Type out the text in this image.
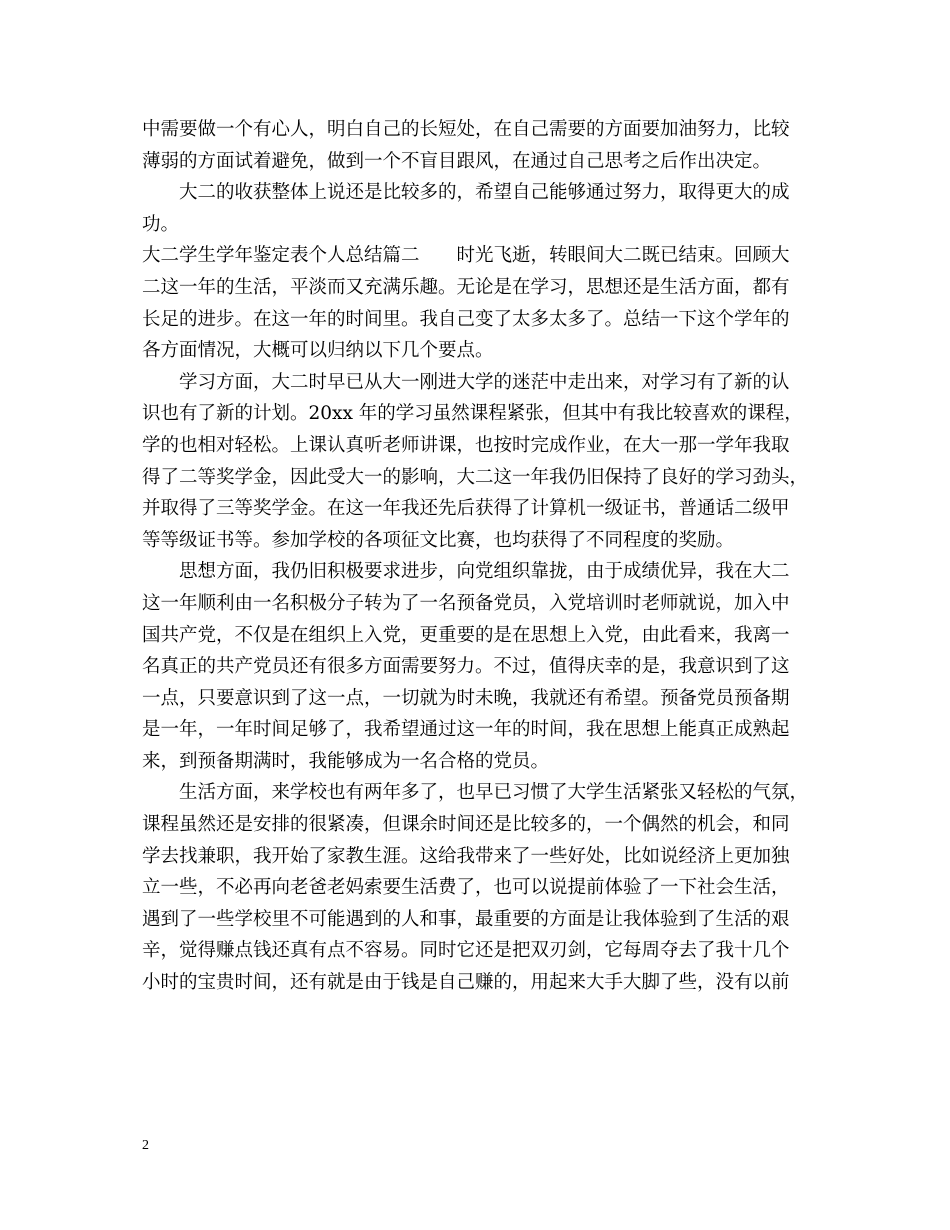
中需要做一个有心人，明白自己的长短处，在自己需要的方面要加油努力，比较
薄弱的方面试着避免，做到一个不盲目跟风，在通过自己思考之后作出决定。
大二的收获整体上说还是比较多的，希望自己能够通过努力，取得更大的成
功。
大二学生学年鉴定表个人总结篇二　　时光飞逝，转眼间大二既已结束。回顾大
二这一年的生活，平淡而又充满乐趣。无论是在学习，思想还是生活方面，都有
长足的进步。在这一年的时间里。我自己变了太多太多了。总结一下这个学年的
各方面情况，大概可以归纳以下几个要点。
学习方面，大二时早已从大一刚进大学的迷茫中走出来，对学习有了新的认
识也有了新的计划。20xx 年的学习虽然课程紧张，但其中有我比较喜欢的课程，
学的也相对轻松。上课认真听老师讲课，也按时完成作业，在大一那一学年我取
得了二等奖学金，因此受大一的影响，大二这一年我仍旧保持了良好的学习劲头，
并取得了三等奖学金。在这一年我还先后获得了计算机一级证书，普通话二级甲
等等级证书等。参加学校的各项征文比赛，也均获得了不同程度的奖励。
思想方面，我仍旧积极要求进步，向党组织靠拢，由于成绩优异，我在大二
这一年顺利由一名积极分子转为了一名预备党员，入党培训时老师就说，加入中
国共产党，不仅是在组织上入党，更重要的是在思想上入党，由此看来，我离一
名真正的共产党员还有很多方面需要努力。不过，值得庆幸的是，我意识到了这
一点，只要意识到了这一点，一切就为时未晚，我就还有希望。预备党员预备期
是一年，一年时间足够了，我希望通过这一年的时间，我在思想上能真正成熟起
来，到预备期满时，我能够成为一名合格的党员。
生活方面，来学校也有两年多了，也早已习惯了大学生活紧张又轻松的气氛，
课程虽然还是安排的很紧凑，但课余时间还是比较多的，一个偶然的机会，和同
学去找兼职，我开始了家教生涯。这给我带来了一些好处，比如说经济上更加独
立一些，不必再向老爸老妈索要生活费了，也可以说提前体验了一下社会生活，
遇到了一些学校里不可能遇到的人和事，最重要的方面是让我体验到了生活的艰
辛，觉得赚点钱还真有点不容易。同时它还是把双刃剑，它每周夺去了我十几个
小时的宝贵时间，还有就是由于钱是自己赚的，用起来大手大脚了些，没有以前
2
